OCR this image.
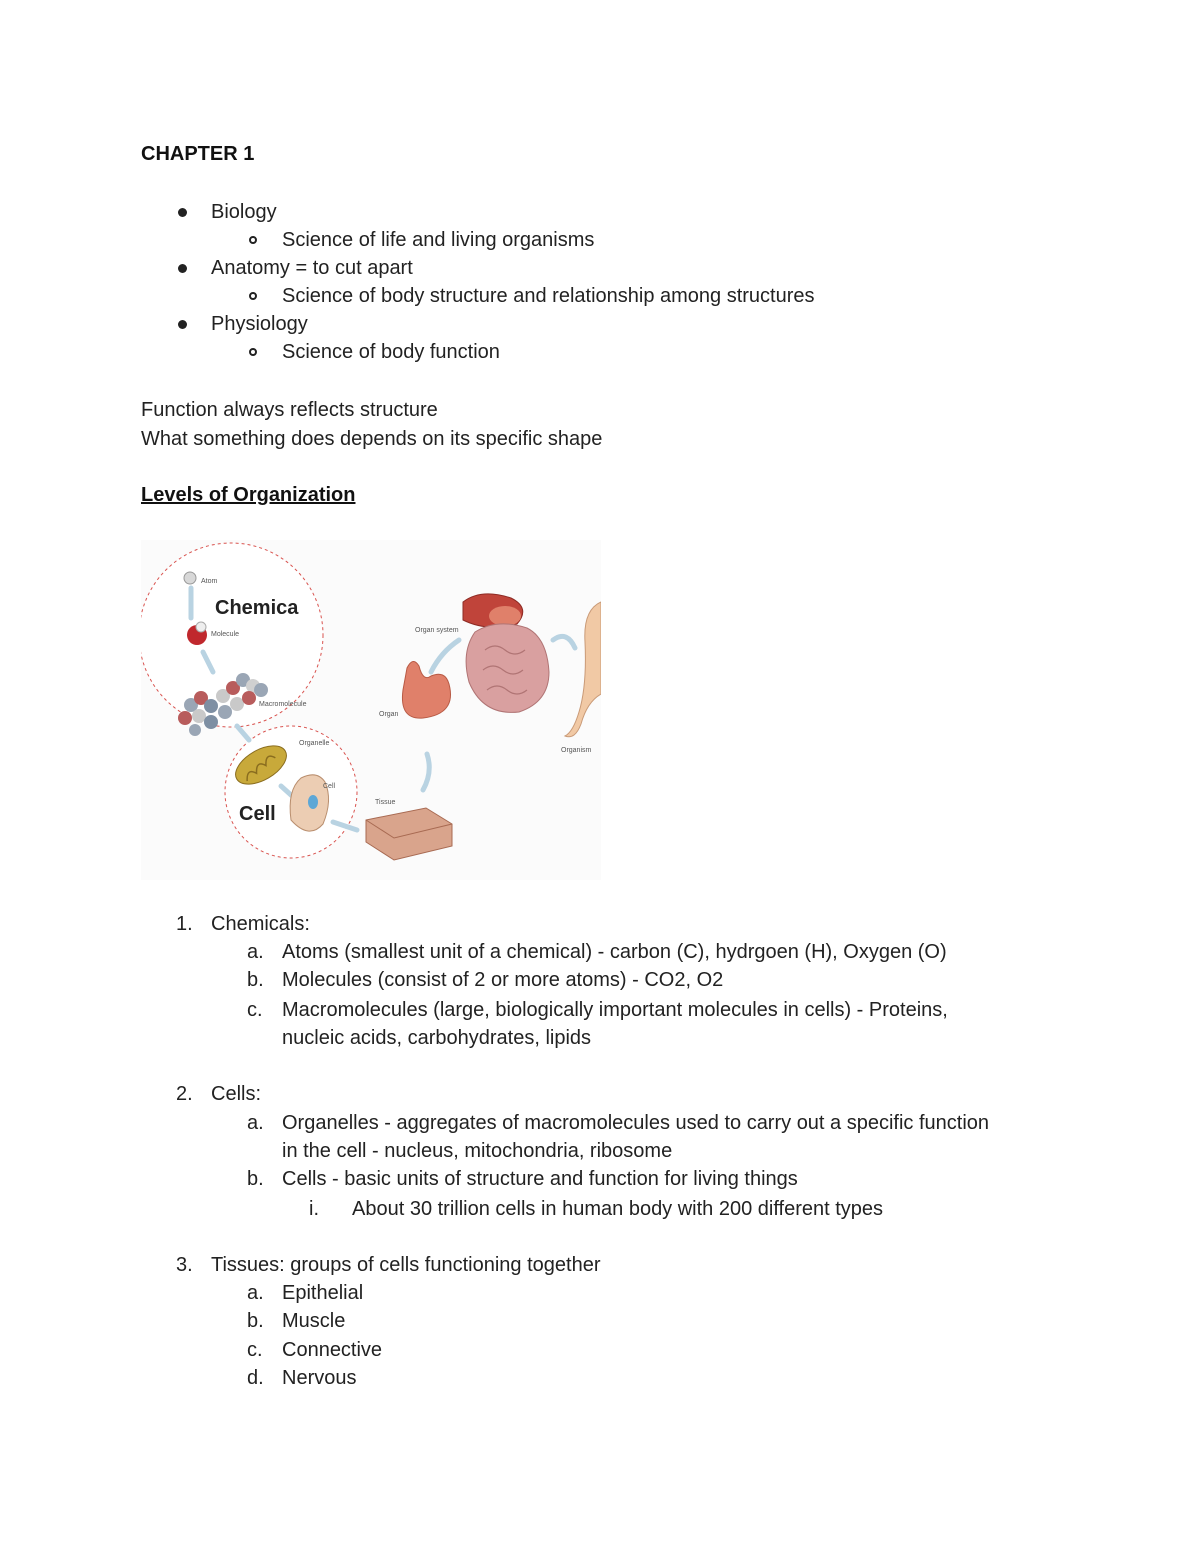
CHAPTER 1
Biology
Science of life and living organisms
Anatomy = to cut apart
Science of body structure and relationship among structures
Physiology
Science of body function
Function always reflects structure
What something does depends on its specific shape
Levels of Organization
Atom
Molecule
Chemica
Macromolecule
Organelle
Cell
Cell
Tissue
Organ
Organ system
Organism
1. Chemicals:
a. Atoms (smallest unit of a chemical) - carbon (C), hydrgoen (H), Oxygen (O)
b. Molecules (consist of 2 or more atoms) - CO2, O2
c. Macromolecules (large, biologically important molecules in cells) - Proteins,
nucleic acids, carbohydrates, lipids
2. Cells:
a. Organelles - aggregates of macromolecules used to carry out a specific function
in the cell - nucleus, mitochondria, ribosome
b. Cells - basic units of structure and function for living things
i. About 30 trillion cells in human body with 200 different types
3. Tissues: groups of cells functioning together
a. Epithelial
b. Muscle
c. Connective
d. Nervous
